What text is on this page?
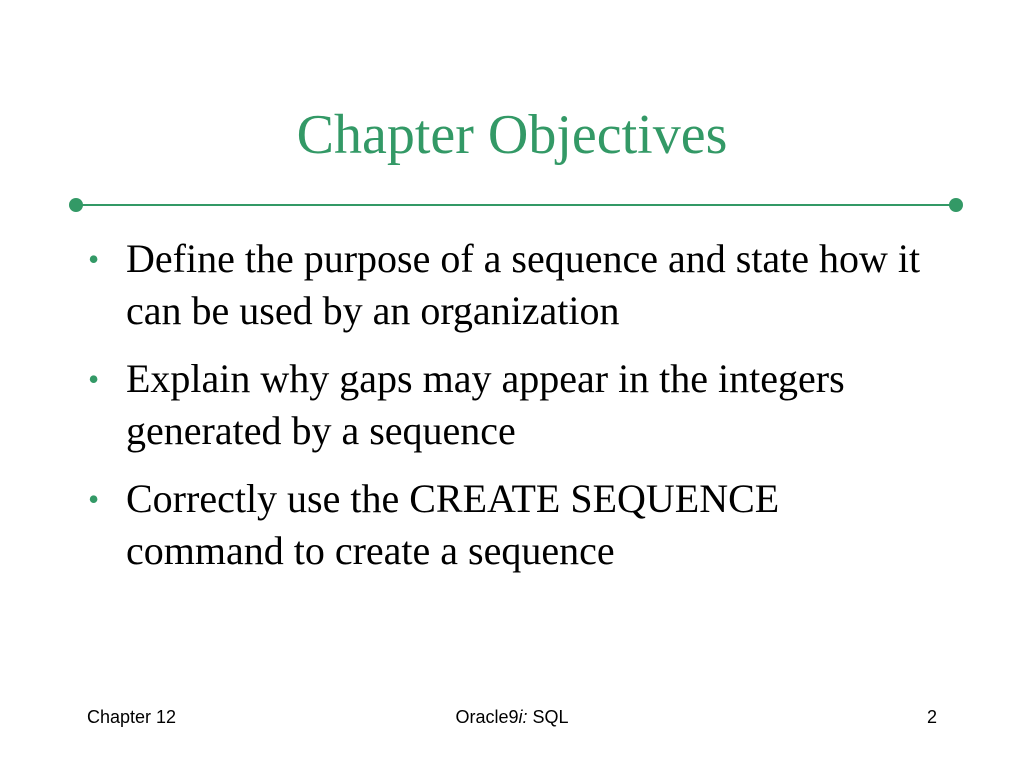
Chapter Objectives
• Define the purpose of a sequence and state how it can be used by an organization
• Explain why gaps may appear in the integers generated by a sequence
• Correctly use the CREATE SEQUENCE command to create a sequence
Chapter 12	Oracle9i: SQL	2
